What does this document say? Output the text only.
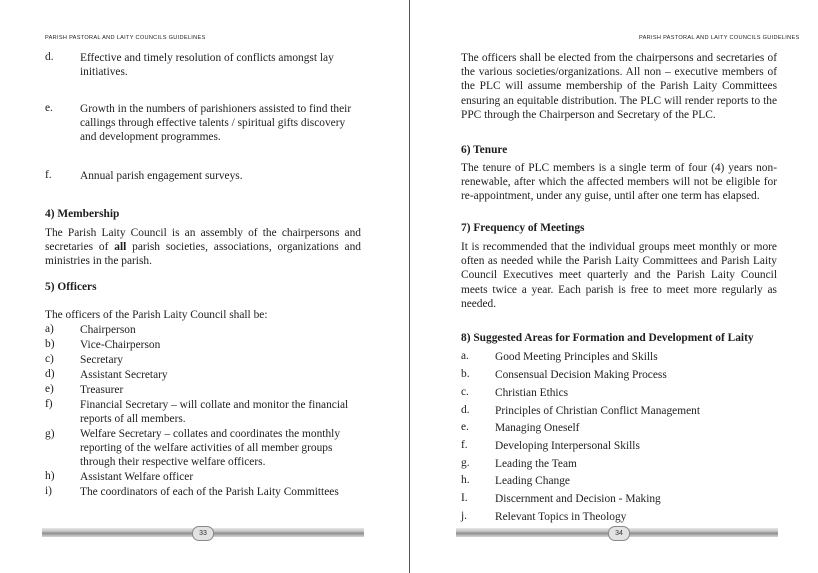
PARISH PASTORAL AND LAITY COUNCILS GUIDELINES
d. Effective and timely resolution of conflicts amongst lay
initiatives.
e. Growth in the numbers of parishioners assisted to find their
callings through effective talents / spiritual gifts discovery
and development programmes.
f. Annual parish engagement surveys.
4) Membership
The Parish Laity Council is an assembly of the chairpersons and secretaries of all parish societies, associations, organizations and ministries in the parish.
5) Officers
The officers of the Parish Laity Council shall be:
a) Chairperson
b) Vice-Chairperson
c) Secretary
d) Assistant Secretary
e) Treasurer
f) Financial Secretary – will collate and monitor the financial
reports of all members.
g) Welfare Secretary – collates and coordinates the monthly
reporting of the welfare activities of all member groups
through their respective welfare officers.
h) Assistant Welfare officer
i) The coordinators of each of the Parish Laity Committees
33
PARISH PASTORAL AND LAITY COUNCILS GUIDELINES
The officers shall be elected from the chairpersons and secretaries of the various societies/organizations. All non – executive members of the PLC will assume membership of the Parish Laity Committees ensuring an equitable distribution. The PLC will render reports to the PPC through the Chairperson and Secretary of the PLC.
6) Tenure
The tenure of PLC members is a single term of four (4) years non-renewable, after which the affected members will not be eligible for re-appointment, under any guise, until after one term has elapsed.
7) Frequency of Meetings
It is recommended that the individual groups meet monthly or more often as needed while the Parish Laity Committees and Parish Laity Council Executives meet quarterly and the Parish Laity Council meets twice a year. Each parish is free to meet more regularly as needed.
8) Suggested Areas for Formation and Development of Laity
a. Good Meeting Principles and Skills
b. Consensual Decision Making Process
c. Christian Ethics
d. Principles of Christian Conflict Management
e. Managing Oneself
f. Developing Interpersonal Skills
g. Leading the Team
h. Leading Change
I. Discernment and Decision - Making
j. Relevant Topics in Theology
34
